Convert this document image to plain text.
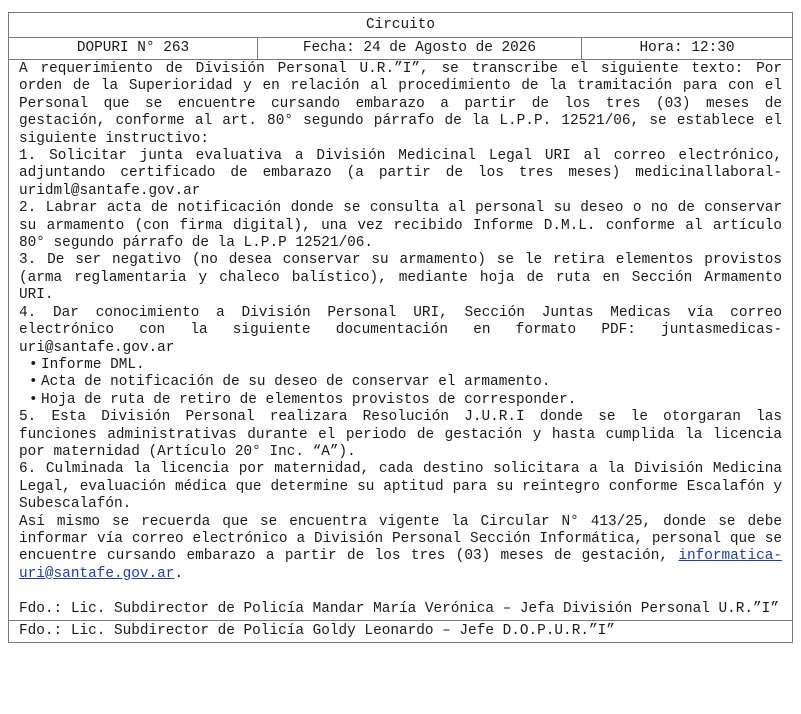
Circuito
DOPURI N° 263	Fecha: 24 de Agosto de 2026	Hora: 12:30

A requerimiento de División Personal U.R.”I”, se transcribe el siguiente texto: Por orden de la Superioridad y en relación al procedimiento de la tramitación para con el Personal que se encuentre cursando embarazo a partir de los tres (03) meses de gestación, conforme al art. 80° segundo párrafo de la L.P.P. 12521/06, se establece el siguiente instructivo:

1. Solicitar junta evaluativa a División Medicinal Legal URI al correo electrónico, adjuntando certificado de embarazo (a partir de los tres meses) medicinallaboral-uridml@santafe.gov.ar

2. Labrar acta de notificación donde se consulta al personal su deseo o no de conservar su armamento (con firma digital), una vez recibido Informe D.M.L. conforme al artículo 80° segundo párrafo de la L.P.P 12521/06.

3. De ser negativo (no desea conservar su armamento) se le retira elementos provistos (arma reglamentaria y chaleco balístico), mediante hoja de ruta en Sección Armamento URI.

4. Dar conocimiento a División Personal URI, Sección Juntas Medicas vía correo electrónico con la siguiente documentación en formato PDF: juntasmedicas-uri@santafe.gov.ar

• Informe DML.
• Acta de notificación de su deseo de conservar el armamento.
• Hoja de ruta de retiro de elementos provistos de corresponder.

5. Esta División Personal realizara Resolución J.U.R.I donde se le otorgaran las funciones administrativas durante el periodo de gestación y hasta cumplida la licencia por maternidad (Artículo 20° Inc. “A”).

6. Culminada la licencia por maternidad, cada destino solicitara a la División Medicina Legal, evaluación médica que determine su aptitud para su reintegro conforme Escalafón y Subescalafón.

Así mismo se recuerda que se encuentra vigente la Circular N° 413/25, donde se debe informar vía correo electrónico a División Personal Sección Informática, personal que se encuentre cursando embarazo a partir de los tres (03) meses de gestación, informatica-uri@santafe.gov.ar.

Fdo.: Lic. Subdirector de Policía Mandar María Verónica – Jefa División Personal U.R.”I”

Fdo.: Lic. Subdirector de Policía Goldy Leonardo – Jefe D.O.P.U.R.”I”
